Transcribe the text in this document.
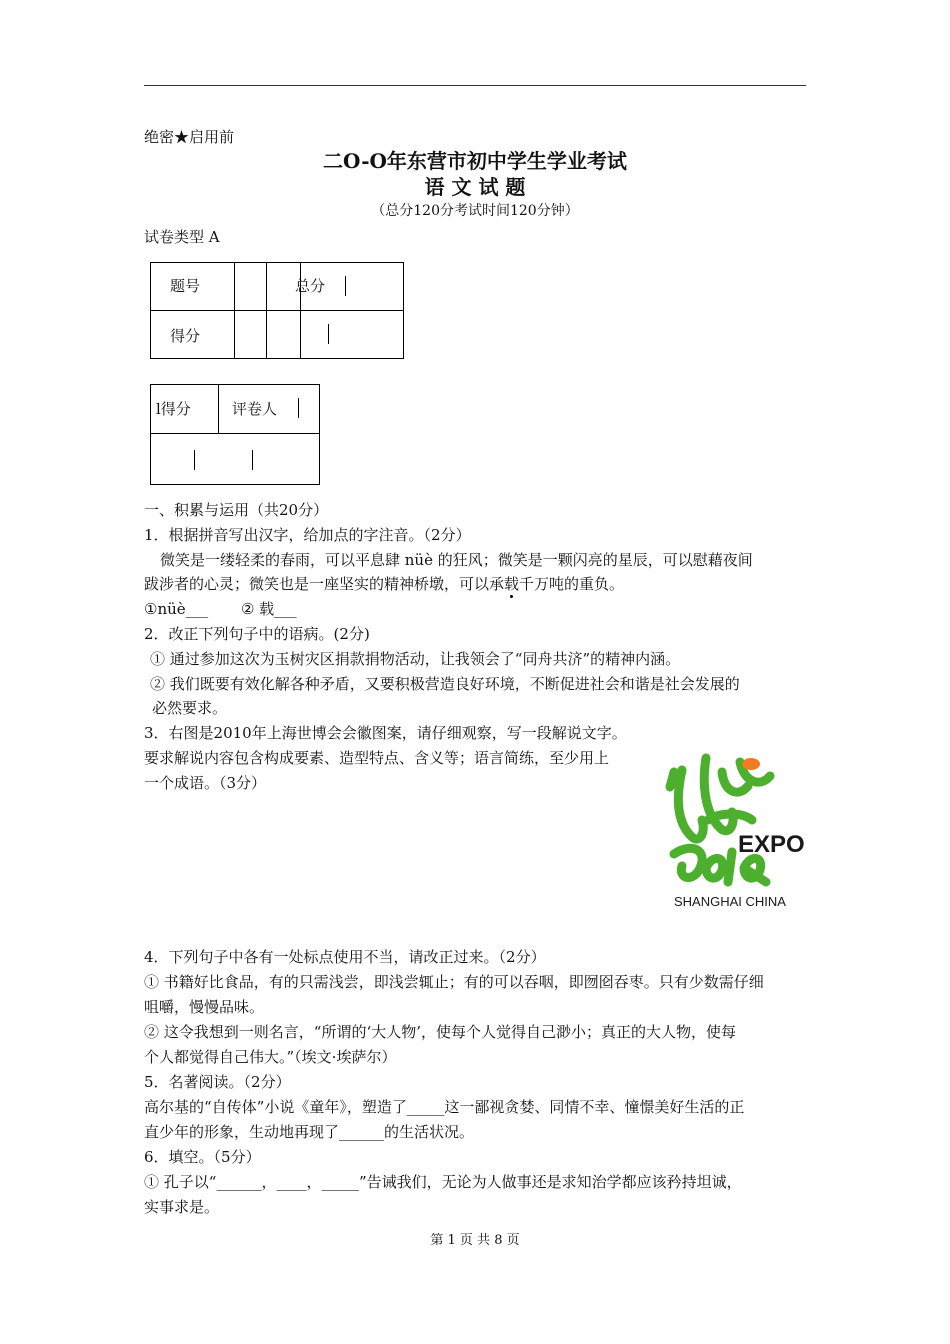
绝密★启用前
二O-O年东营市初中学生学业考试
语 文 试 题
（总分120分考试时间120分钟）
试卷类型 A
题号	总分
得分
l得分	评卷人
一、积累与运用（共20分）
1．根据拼音写出汉字，给加点的字注音。（2分）
微笑是一缕轻柔的春雨，可以平息肆 nüè 的狂风；微笑是一颗闪亮的星辰，可以慰藉夜间
跋涉者的心灵；微笑也是一座坚实的精神桥墩，可以承载千万吨的重负。
①nüè___ ② 载___
2．改正下列句子中的语病。(2分)
① 通过参加这次为玉树灾区捐款捐物活动，让我领会了“同舟共济”的精神内涵。
② 我们既要有效化解各种矛盾，又要积极营造良好环境，不断促进社会和谐是社会发展的
必然要求。
3．右图是2010年上海世博会会徽图案，请仔细观察，写一段解说文字。
要求解说内容包含构成要素、造型特点、含义等；语言简练，至少用上
一个成语。（3分）
EXPO
SHANGHAI CHINA
4．下列句子中各有一处标点使用不当，请改正过来。（2分）
① 书籍好比食品，有的只需浅尝，即浅尝辄止；有的可以吞咽，即囫囵吞枣。只有少数需仔细
咀嚼，慢慢品味。
② 这令我想到一则名言，“所谓的‘大人物’，使每个人觉得自己渺小；真正的大人物，使每
个人都觉得自己伟大。”（埃文·埃萨尔）
5．名著阅读。（2分）
高尔基的“自传体”小说《童年》，塑造了_____这一鄙视贪婪、同情不幸、憧憬美好生活的正
直少年的形象，生动地再现了______的生活状况。
6．填空。（5分）
① 孔子以“______，____，_____”告诫我们，无论为人做事还是求知治学都应该矜持坦诚，
实事求是。
第 1 页 共 8 页
